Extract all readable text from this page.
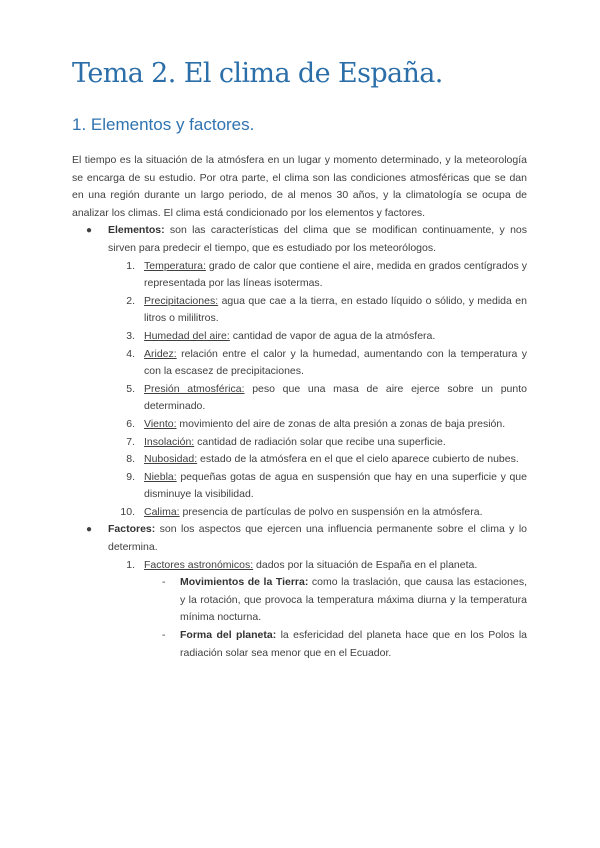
Tema 2. El clima de España.
1. Elementos y factores.

El tiempo es la situación de la atmósfera en un lugar y momento determinado, y la meteorología se encarga de su estudio. Por otra parte, el clima son las condiciones atmosféricas que se dan en una región durante un largo periodo, de al menos 30 años, y la climatología se ocupa de analizar los climas. El clima está condicionado por los elementos y factores.

● Elementos: son las características del clima que se modifican continuamente, y nos sirven para predecir el tiempo, que es estudiado por los meteorólogos.
1. Temperatura: grado de calor que contiene el aire, medida en grados centígrados y representada por las líneas isotermas.
2. Precipitaciones: agua que cae a la tierra, en estado líquido o sólido, y medida en litros o mililitros.
3. Humedad del aire: cantidad de vapor de agua de la atmósfera.
4. Aridez: relación entre el calor y la humedad, aumentando con la temperatura y con la escasez de precipitaciones.
5. Presión atmosférica: peso que una masa de aire ejerce sobre un punto determinado.
6. Viento: movimiento del aire de zonas de alta presión a zonas de baja presión.
7. Insolación: cantidad de radiación solar que recibe una superficie.
8. Nubosidad: estado de la atmósfera en el que el cielo aparece cubierto de nubes.
9. Niebla: pequeñas gotas de agua en suspensión que hay en una superficie y que disminuye la visibilidad.
10. Calima: presencia de partículas de polvo en suspensión en la atmósfera.
● Factores: son los aspectos que ejercen una influencia permanente sobre el clima y lo determina.
1. Factores astronómicos: dados por la situación de España en el planeta.
- Movimientos de la Tierra: como la traslación, que causa las estaciones, y la rotación, que provoca la temperatura máxima diurna y la temperatura mínima nocturna.
- Forma del planeta: la esfericidad del planeta hace que en los Polos la radiación solar sea menor que en el Ecuador.
